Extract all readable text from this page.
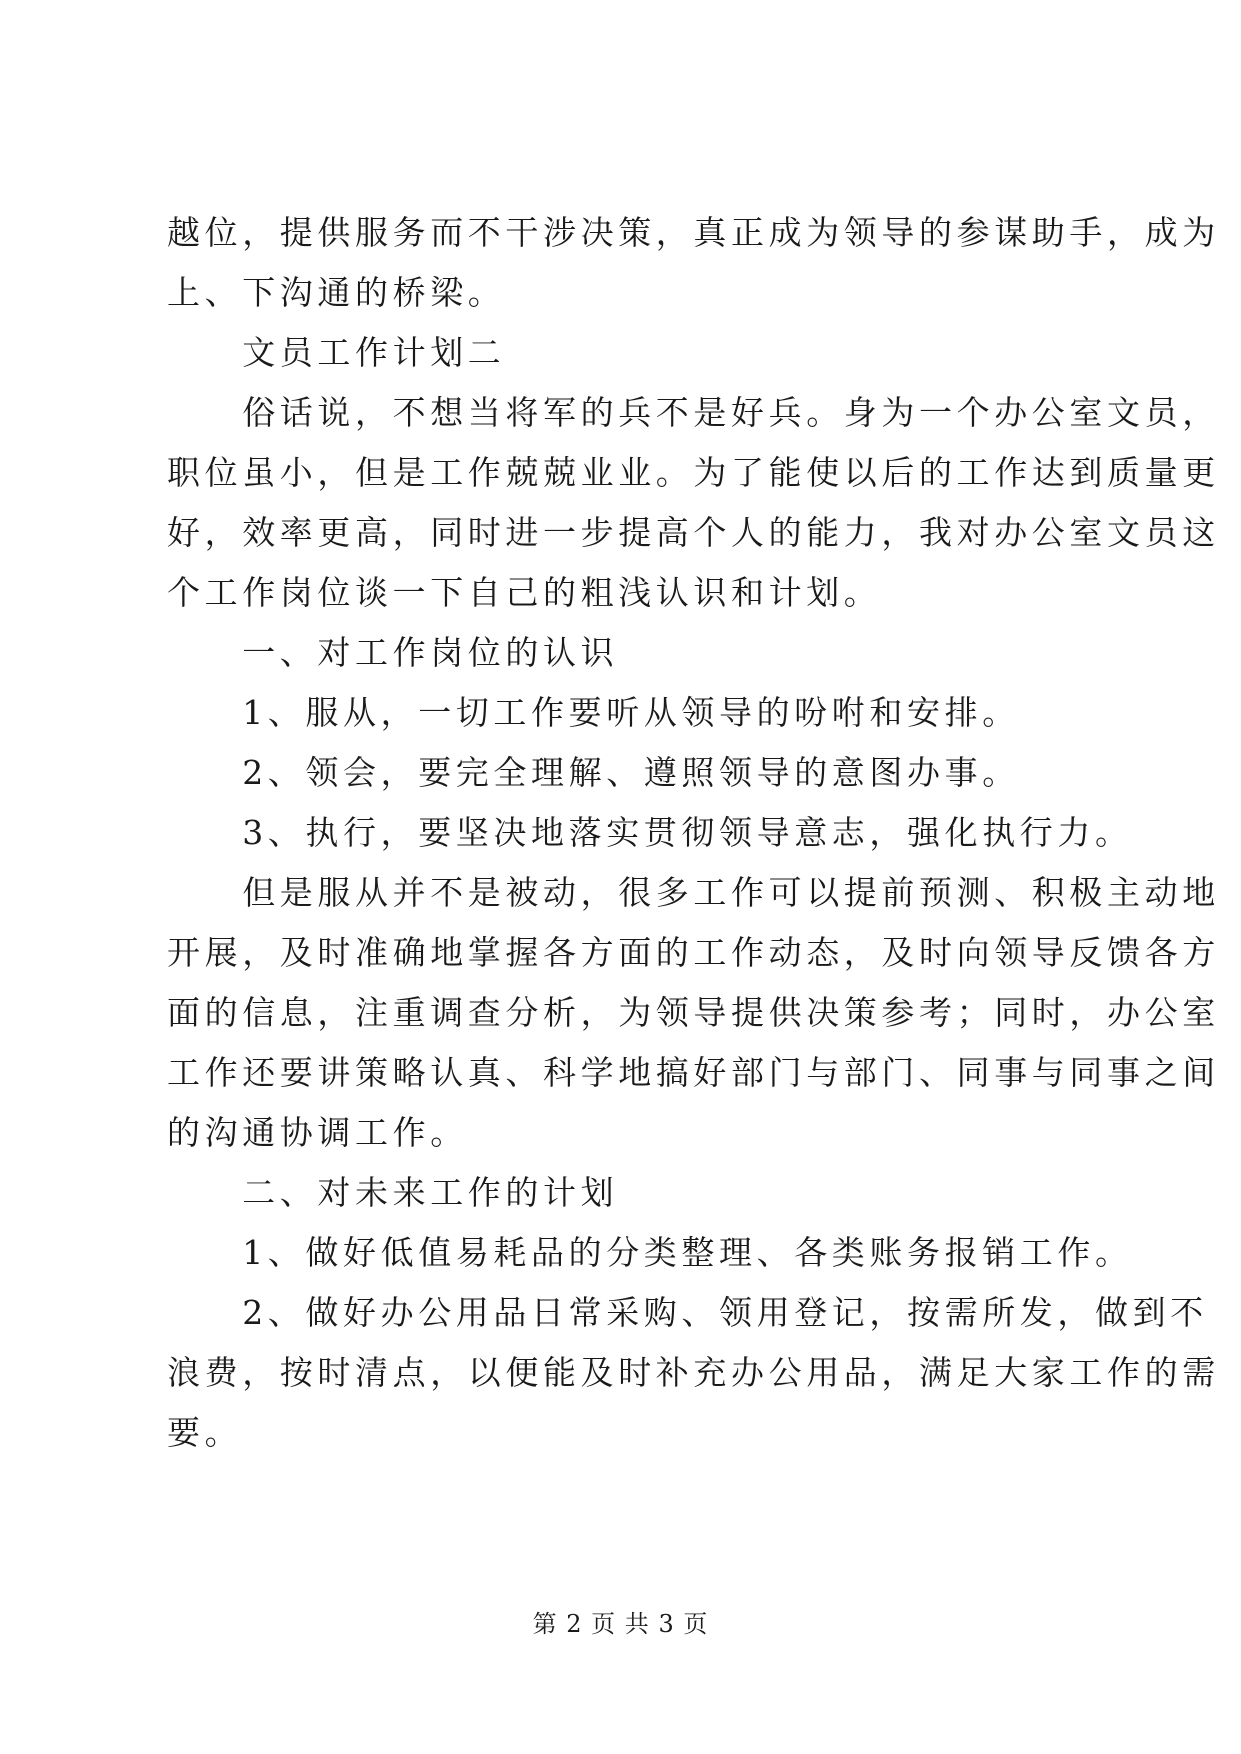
越位，提供服务而不干涉决策，真正成为领导的参谋助手，成为
上、下沟通的桥梁。
　　文员工作计划二
　　俗话说，不想当将军的兵不是好兵。身为一个办公室文员，
职位虽小，但是工作兢兢业业。为了能使以后的工作达到质量更
好，效率更高，同时进一步提高个人的能力，我对办公室文员这
个工作岗位谈一下自己的粗浅认识和计划。
　　一、对工作岗位的认识
　　1、服从，一切工作要听从领导的吩咐和安排。
　　2、领会，要完全理解、遵照领导的意图办事。
　　3、执行，要坚决地落实贯彻领导意志，强化执行力。
　　但是服从并不是被动，很多工作可以提前预测、积极主动地
开展，及时准确地掌握各方面的工作动态，及时向领导反馈各方
面的信息，注重调查分析，为领导提供决策参考；同时，办公室
工作还要讲策略认真、科学地搞好部门与部门、同事与同事之间
的沟通协调工作。
　　二、对未来工作的计划
　　1、做好低值易耗品的分类整理、各类账务报销工作。
　　2、做好办公用品日常采购、领用登记，按需所发，做到不
浪费，按时清点，以便能及时补充办公用品，满足大家工作的需
要。
第 2 页 共 3 页
